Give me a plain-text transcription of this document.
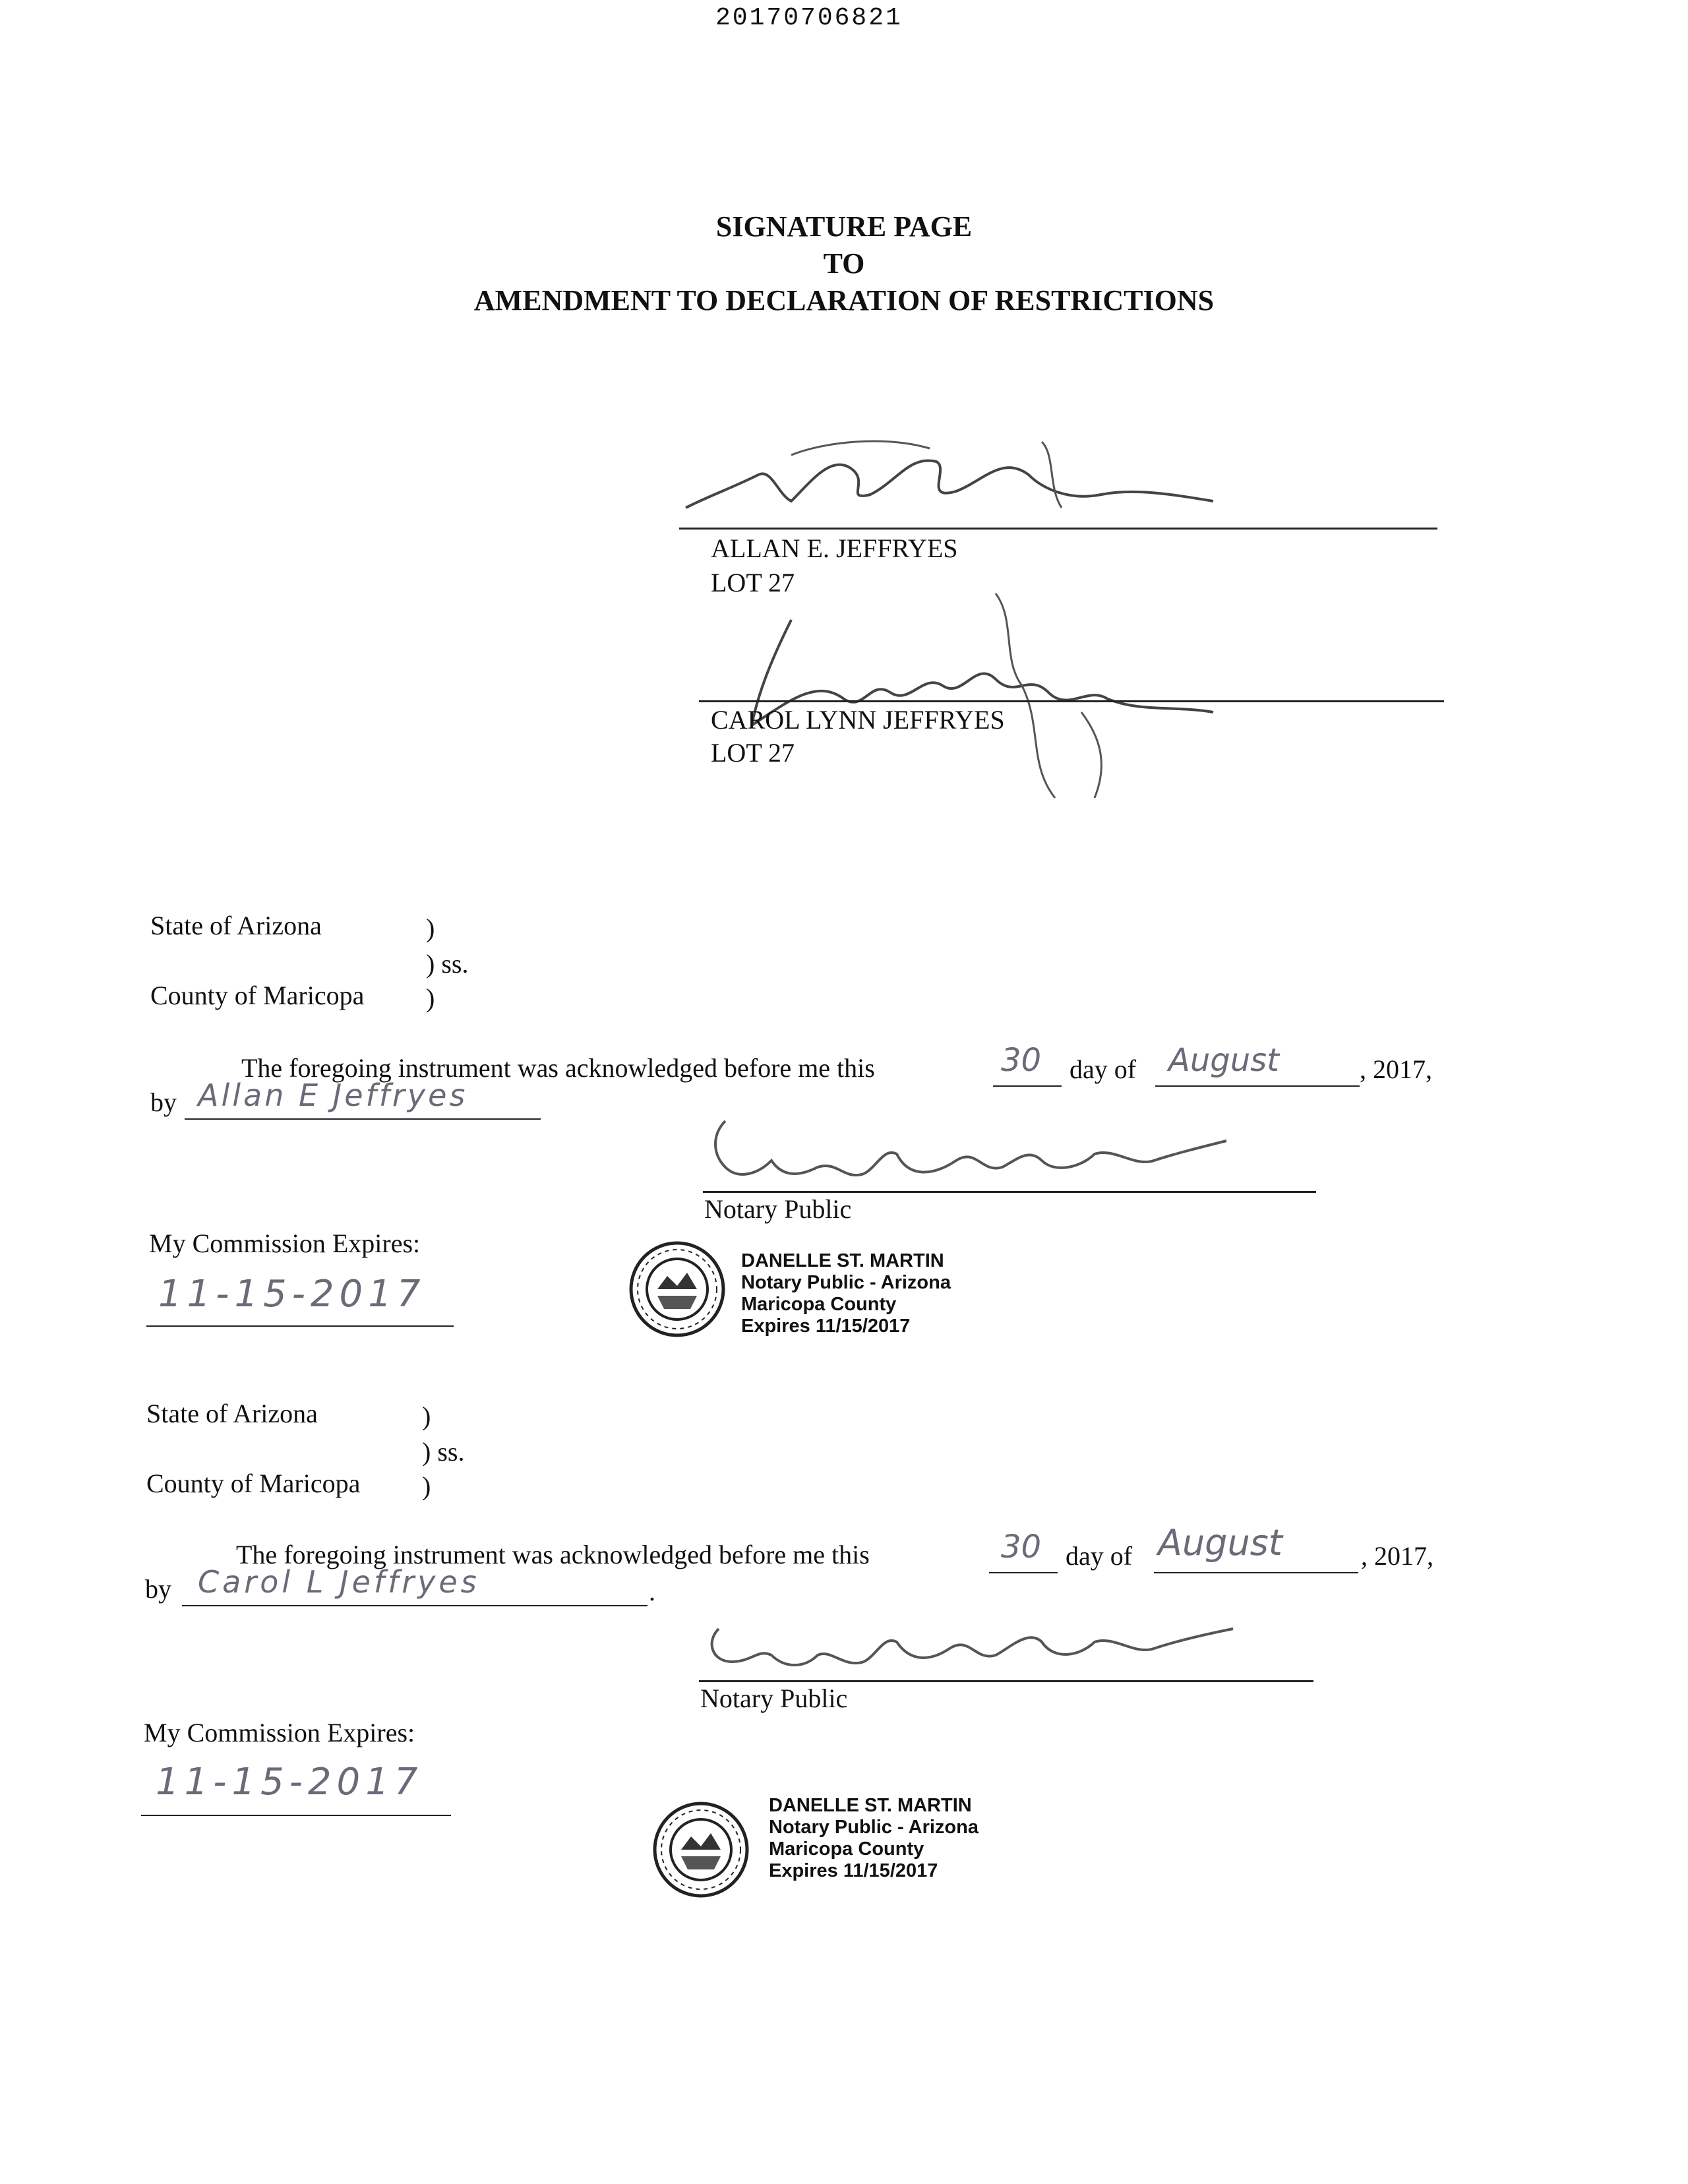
20170706821
SIGNATURE PAGE
TO
AMENDMENT TO DECLARATION OF RESTRICTIONS
ALLAN E. JEFFRYES
LOT 27
CAROL LYNN JEFFRYES
LOT 27
State of Arizona	)
) ss.
County of Maricopa )
The foregoing instrument was acknowledged before me this	30 day of August	, 2017,
by Allan E Jeffryes
Notary Public
My Commission Expires:
11-15-2017
DANELLE ST. MARTIN
Notary Public - Arizona
Maricopa County
Expires 11/15/2017
State of Arizona	)
) ss.
County of Maricopa )
The foregoing instrument was acknowledged before me this	30 day of August	, 2017,
by Carol L Jeffryes	.
Notary Public
My Commission Expires:
11-15-2017
DANELLE ST. MARTIN
Notary Public - Arizona
Maricopa County
Expires 11/15/2017
